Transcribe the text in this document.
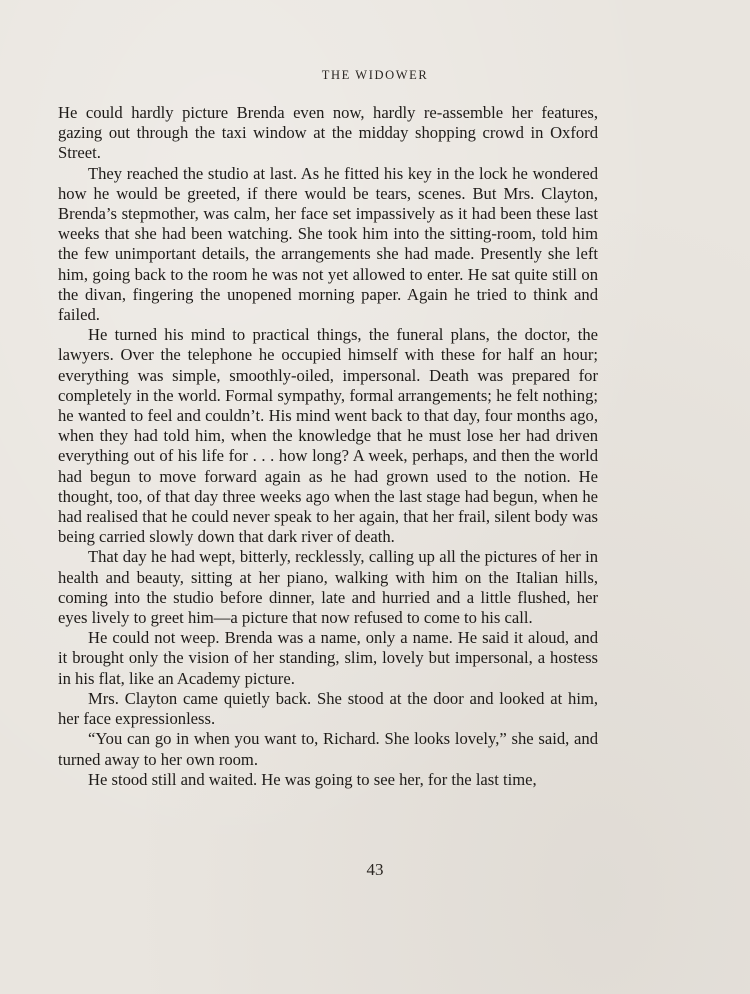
THE WIDOWER

He could hardly picture Brenda even now, hardly re-assemble her features, gazing out through the taxi window at the midday shopping crowd in Oxford Street.

They reached the studio at last. As he fitted his key in the lock he wondered how he would be greeted, if there would be tears, scenes. But Mrs. Clayton, Brenda’s stepmother, was calm, her face set impassively as it had been these last weeks that she had been watching. She took him into the sitting-room, told him the few unimportant details, the arrangements she had made. Presently she left him, going back to the room he was not yet allowed to enter. He sat quite still on the divan, fingering the unopened morning paper. Again he tried to think and failed.

He turned his mind to practical things, the funeral plans, the doctor, the lawyers. Over the telephone he occupied himself with these for half an hour; everything was simple, smoothly-oiled, impersonal. Death was prepared for completely in the world. Formal sympathy, formal arrangements; he felt nothing; he wanted to feel and couldn’t. His mind went back to that day, four months ago, when they had told him, when the knowledge that he must lose her had driven everything out of his life for . . . how long? A week, perhaps, and then the world had begun to move forward again as he had grown used to the notion. He thought, too, of that day three weeks ago when the last stage had begun, when he had realised that he could never speak to her again, that her frail, silent body was being carried slowly down that dark river of death.

That day he had wept, bitterly, recklessly, calling up all the pictures of her in health and beauty, sitting at her piano, walking with him on the Italian hills, coming into the studio before dinner, late and hurried and a little flushed, her eyes lively to greet him—a picture that now refused to come to his call.

He could not weep. Brenda was a name, only a name. He said it aloud, and it brought only the vision of her standing, slim, lovely but impersonal, a hostess in his flat, like an Academy picture.

Mrs. Clayton came quietly back. She stood at the door and looked at him, her face expressionless.

“You can go in when you want to, Richard. She looks lovely,” she said, and turned away to her own room.

He stood still and waited. He was going to see her, for the last time,

43
